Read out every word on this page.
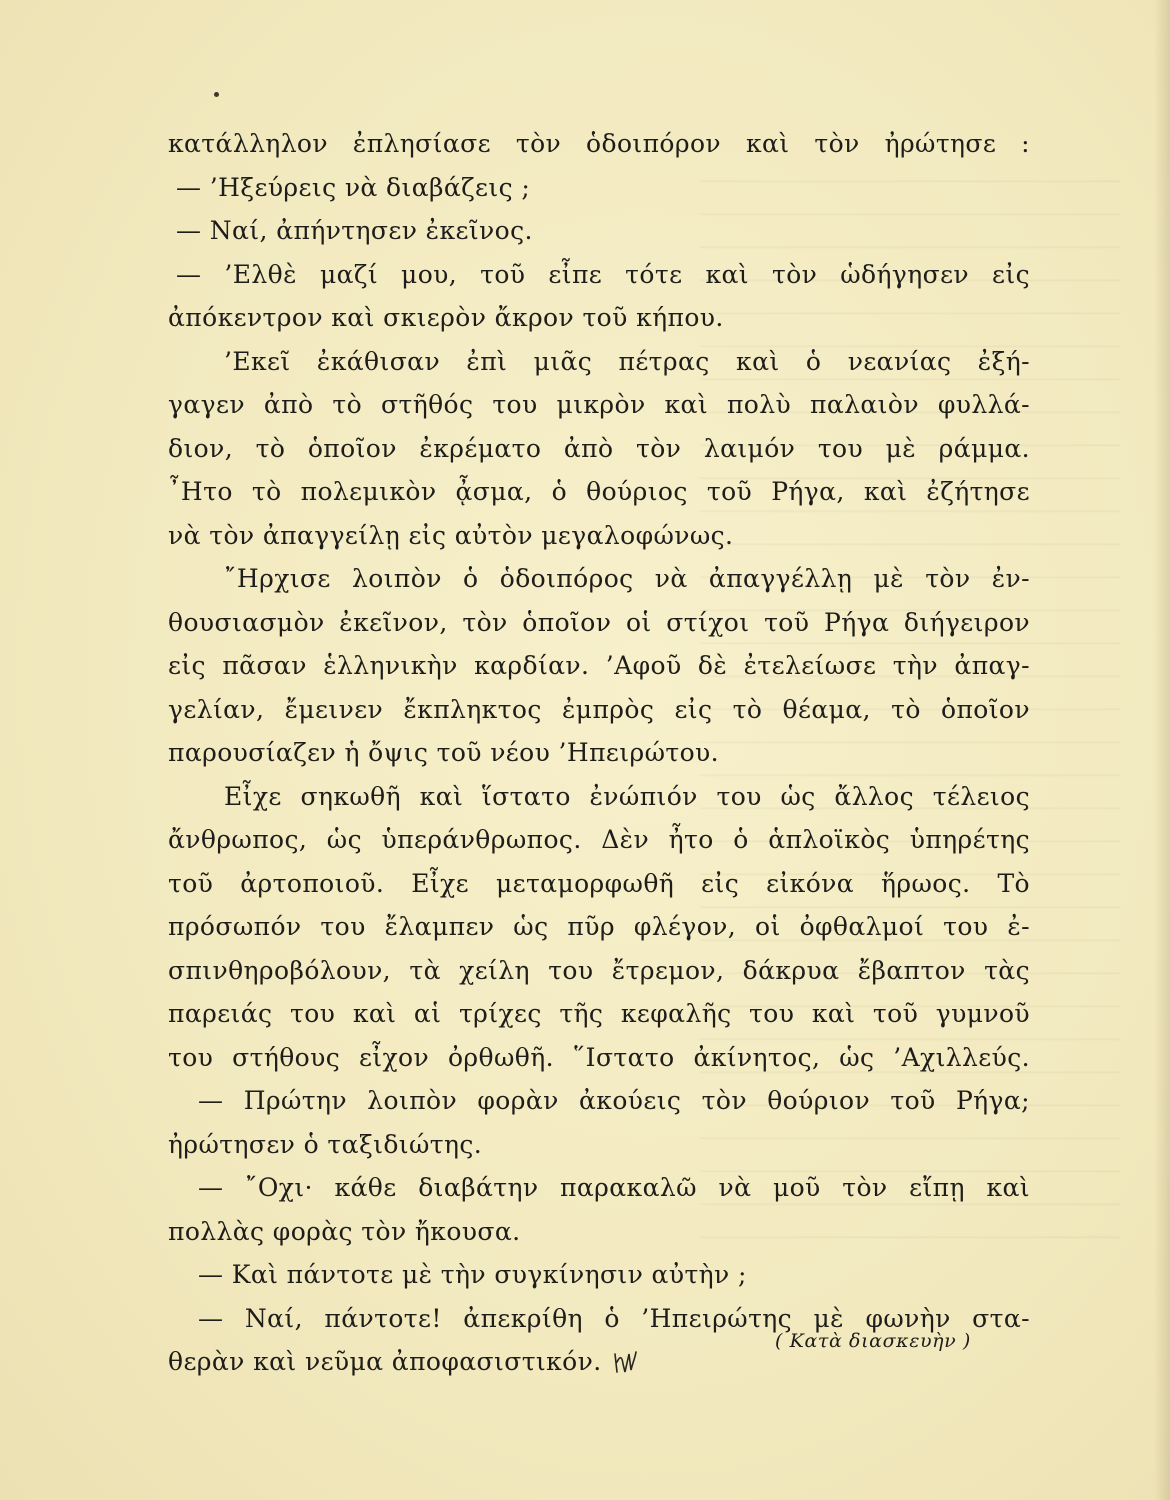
κατάλληλον ἐπλησίασε τὸν ὁδοιπόρον καὶ τὸν ἠρώτησε :
— ’Ηξεύρεις νὰ διαβάζεις ;
— Ναί, ἀπήντησεν ἐκεῖνος.
— ’Ελθὲ μαζί μου, τοῦ εἶπε τότε καὶ τὸν ὡδήγησεν εἰς
ἀπόκεντρον καὶ σκιερὸν ἄκρον τοῦ κήπου.
’Εκεῖ ἐκάθισαν ἐπὶ μιᾶς πέτρας καὶ ὁ νεανίας ἐξή-
γαγεν ἀπὸ τὸ στῆθός του μικρὸν καὶ πολὺ παλαιὸν φυλλά-
διον, τὸ ὁποῖον ἐκρέματο ἀπὸ τὸν λαιμόν του μὲ ράμμα.
῏Ητο τὸ πολεμικὸν ᾆσμα, ὁ θούριος τοῦ Ρήγα, καὶ ἐζήτησε
νὰ τὸν ἀπαγγείλῃ εἰς αὐτὸν μεγαλοφώνως.
῎Ηρχισε λοιπὸν ὁ ὁδοιπόρος νὰ ἀπαγγέλλῃ μὲ τὸν ἐν-
θουσιασμὸν ἐκεῖνον, τὸν ὁποῖον οἱ στίχοι τοῦ Ρήγα διήγειρον
εἰς πᾶσαν ἑλληνικὴν καρδίαν. ’Αφοῦ δὲ ἐτελείωσε τὴν ἀπαγ-
γελίαν, ἔμεινεν ἔκπληκτος ἐμπρὸς εἰς τὸ θέαμα, τὸ ὁποῖον
παρουσίαζεν ἡ ὄψις τοῦ νέου ’Ηπειρώτου.
Εἶχε σηκωθῆ καὶ ἵστατο ἐνώπιόν του ὡς ἄλλος τέλειος
ἄνθρωπος, ὡς ὑπεράνθρωπος. Δὲν ἦτο ὁ ἁπλοϊκὸς ὑπηρέτης
τοῦ ἀρτοποιοῦ. Εἶχε μεταμορφωθῆ εἰς εἰκόνα ἥρωος. Τὸ
πρόσωπόν του ἔλαμπεν ὡς πῦρ φλέγον, οἱ ὀφθαλμοί του ἐ-
σπινθηροβόλουν, τὰ χείλη του ἔτρεμον, δάκρυα ἔβαπτον τὰς
παρειάς του καὶ αἱ τρίχες τῆς κεφαλῆς του καὶ τοῦ γυμνοῦ
του στήθους εἶχον ὀρθωθῆ. ῞Ιστατο ἀκίνητος, ὡς ’Αχιλλεύς.
— Πρώτην λοιπὸν φορὰν ἀκούεις τὸν θούριον τοῦ Ρήγα;
ἠρώτησεν ὁ ταξιδιώτης.
— ῎Οχι· κάθε διαβάτην παρακαλῶ νὰ μοῦ τὸν εἴπῃ καὶ
πολλὰς φορὰς τὸν ἤκουσα.
— Καὶ πάντοτε μὲ τὴν συγκίνησιν αὐτὴν ;
— Ναί, πάντοτε! ἀπεκρίθη ὁ ’Ηπειρώτης μὲ φωνὴν στα-
θερὰν καὶ νεῦμα ἀποφασιστικόν.
( Κατὰ διασκευὴν )
